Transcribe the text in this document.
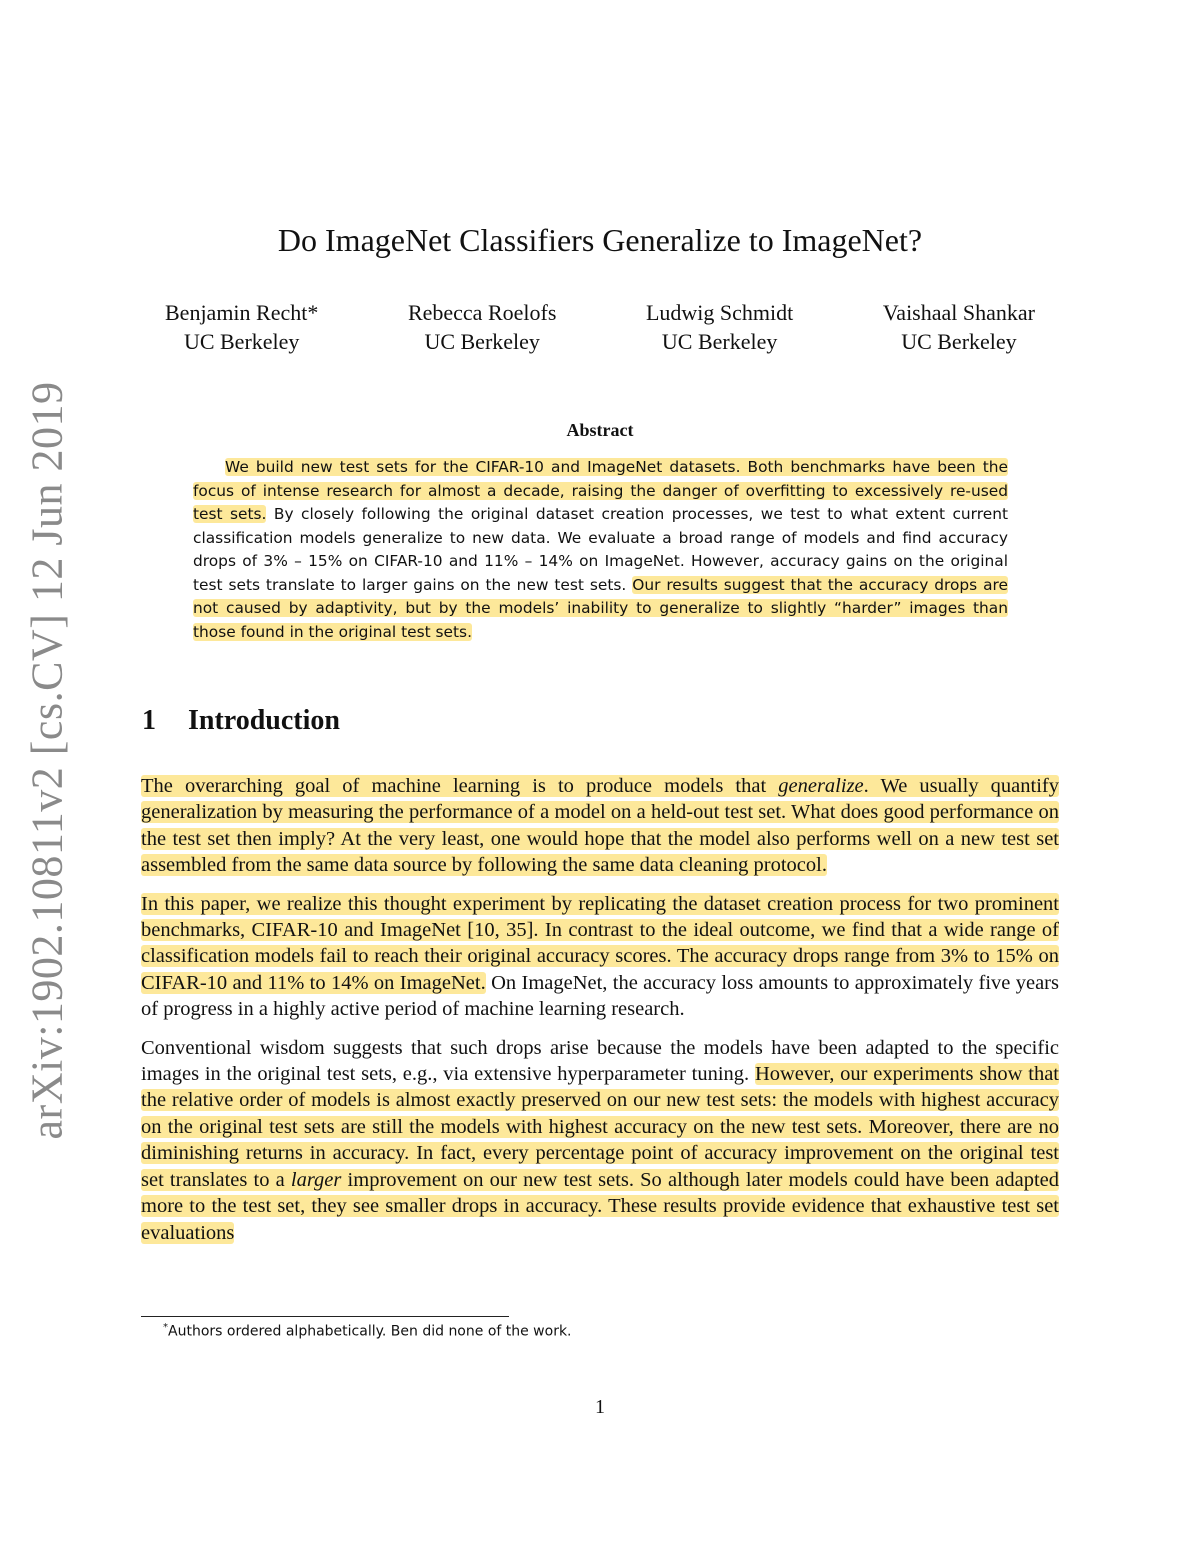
arXiv:1902.10811v2 [cs.CV] 12 Jun 2019
Do ImageNet Classifiers Generalize to ImageNet?
Benjamin Recht*
UC Berkeley
Rebecca Roelofs
UC Berkeley
Ludwig Schmidt
UC Berkeley
Vaishaal Shankar
UC Berkeley
Abstract
We build new test sets for the CIFAR-10 and ImageNet datasets. Both benchmarks have been the focus of intense research for almost a decade, raising the danger of overfitting to excessively re-used test sets. By closely following the original dataset creation processes, we test to what extent current classification models generalize to new data. We evaluate a broad range of models and find accuracy drops of 3% – 15% on CIFAR-10 and 11% – 14% on ImageNet. However, accuracy gains on the original test sets translate to larger gains on the new test sets. Our results suggest that the accuracy drops are not caused by adaptivity, but by the models’ inability to generalize to slightly “harder” images than those found in the original test sets.
1 Introduction

The overarching goal of machine learning is to produce models that generalize. We usually quantify generalization by measuring the performance of a model on a held-out test set. What does good performance on the test set then imply? At the very least, one would hope that the model also performs well on a new test set assembled from the same data source by following the same data cleaning protocol.

In this paper, we realize this thought experiment by replicating the dataset creation process for two prominent benchmarks, CIFAR-10 and ImageNet [10, 35]. In contrast to the ideal outcome, we find that a wide range of classification models fail to reach their original accuracy scores. The accuracy drops range from 3% to 15% on CIFAR-10 and 11% to 14% on ImageNet. On ImageNet, the accuracy loss amounts to approximately five years of progress in a highly active period of machine learning research.

Conventional wisdom suggests that such drops arise because the models have been adapted to the specific images in the original test sets, e.g., via extensive hyperparameter tuning. However, our experiments show that the relative order of models is almost exactly preserved on our new test sets: the models with highest accuracy on the original test sets are still the models with highest accuracy on the new test sets. Moreover, there are no diminishing returns in accuracy. In fact, every percentage point of accuracy improvement on the original test set translates to a larger improvement on our new test sets. So although later models could have been adapted more to the test set, they see smaller drops in accuracy. These results provide evidence that exhaustive test set evaluations

*Authors ordered alphabetically. Ben did none of the work.
1
